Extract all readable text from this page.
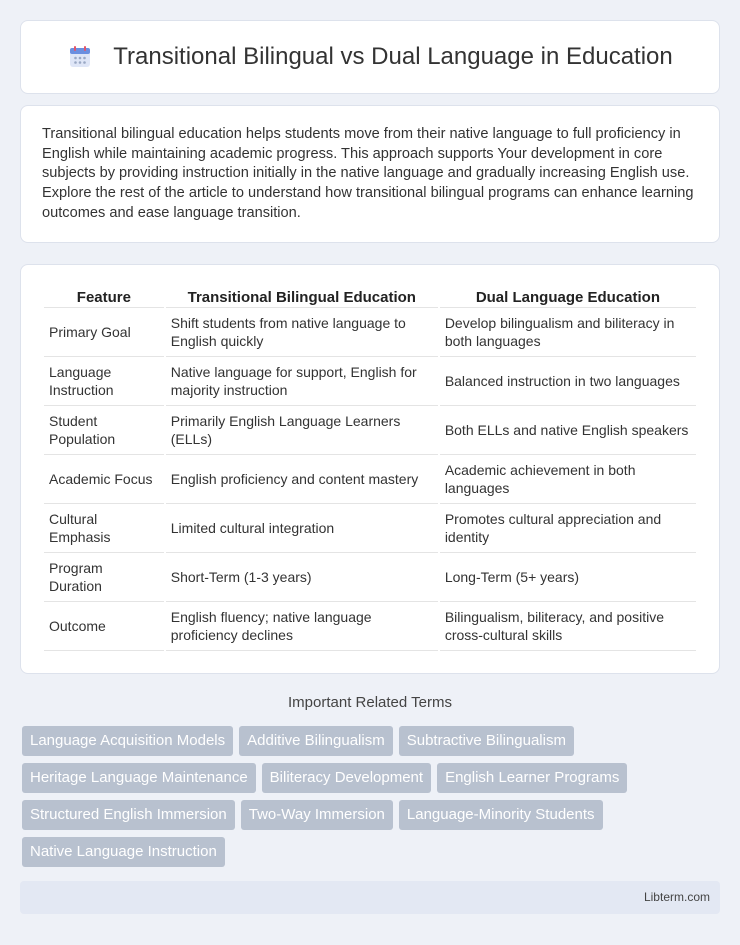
Transitional Bilingual vs Dual Language in Education

Transitional bilingual education helps students move from their native language to full proficiency in English while maintaining academic progress. This approach supports Your development in core subjects by providing instruction initially in the native language and gradually increasing English use. Explore the rest of the article to understand how transitional bilingual programs can enhance learning outcomes and ease language transition.

Feature	Transitional Bilingual Education	Dual Language Education
Primary Goal	Shift students from native language to English quickly	Develop bilingualism and biliteracy in both languages
Language Instruction	Native language for support, English for majority instruction	Balanced instruction in two languages
Student Population	Primarily English Language Learners (ELLs)	Both ELLs and native English speakers
Academic Focus	English proficiency and content mastery	Academic achievement in both languages
Cultural Emphasis	Limited cultural integration	Promotes cultural appreciation and identity
Program Duration	Short-Term (1-3 years)	Long-Term (5+ years)
Outcome	English fluency; native language proficiency declines	Bilingualism, biliteracy, and positive cross-cultural skills
Important Related Terms
Language Acquisition Models Additive Bilingualism Subtractive Bilingualism
Heritage Language Maintenance Biliteracy Development English Learner Programs
Structured English Immersion Two-Way Immersion Language-Minority Students
Native Language Instruction
Libterm.com
